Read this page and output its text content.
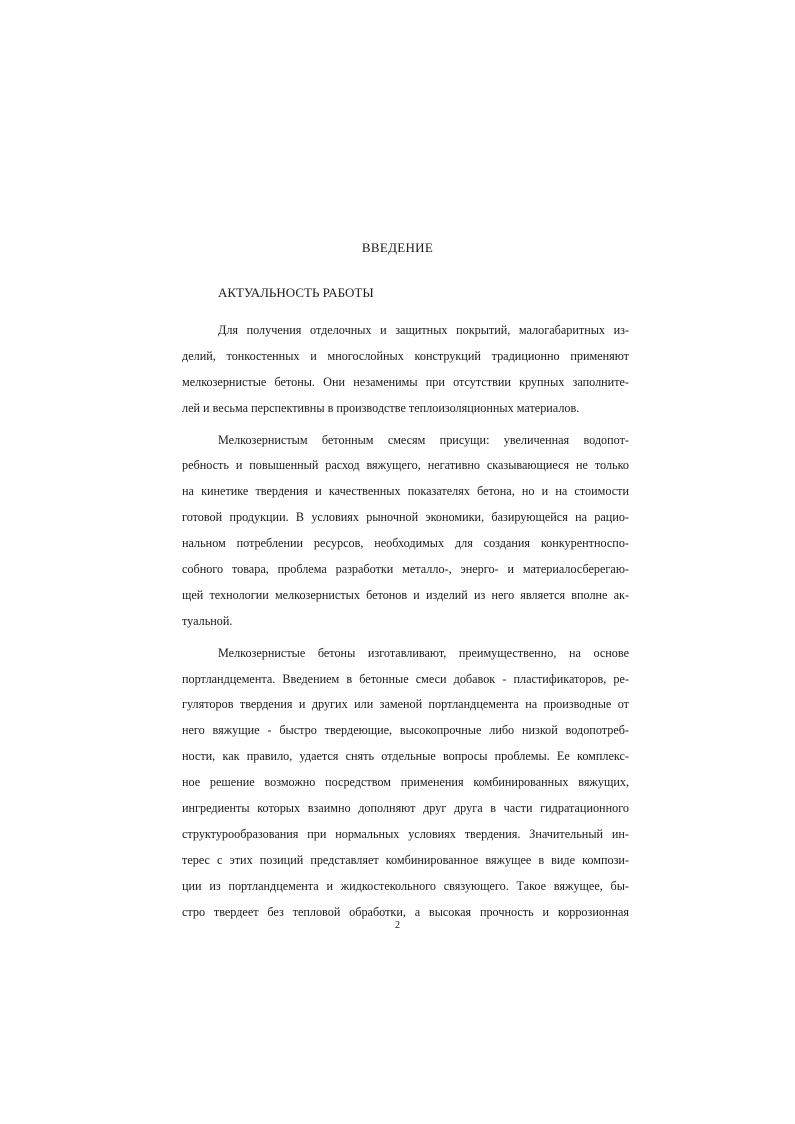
ВВЕДЕНИЕ
АКТУАЛЬНОСТЬ РАБОТЫ
Для получения отделочных и защитных покрытий, малогабаритных из-
делий, тонкостенных и многослойных конструкций традиционно применяют
мелкозернистые бетоны. Они незаменимы при отсутствии крупных заполните-
лей и весьма перспективны в производстве теплоизоляционных материалов.
Мелкозернистым бетонным смесям присущи: увеличенная водопот-
ребность и повышенный расход вяжущего, негативно сказывающиеся не только
на кинетике твердения и качественных показателях бетона, но и на стоимости
готовой продукции. В условиях рыночной экономики, базирующейся на рацио-
нальном потреблении ресурсов, необходимых для создания конкурентноспо-
собного товара, проблема разработки металло-, энерго- и материалосберегаю-
щей технологии мелкозернистых бетонов и изделий из него является вполне ак-
туальной.
Мелкозернистые бетоны изготавливают, преимущественно, на основе
портландцемента. Введением в бетонные смеси добавок - пластификаторов, ре-
гуляторов твердения и других или заменой портландцемента на производные от
него вяжущие - быстро твердеющие, высокопрочные либо низкой водопотреб-
ности, как правило, удается снять отдельные вопросы проблемы. Ее комплекс-
ное решение возможно посредством применения комбинированных вяжущих,
ингредиенты которых взаимно дополняют друг друга в части гидратационного
структурообразования при нормальных условиях твердения. Значительный ин-
терес с этих позиций представляет комбинированное вяжущее в виде компози-
ции из портландцемента и жидкостекольного связующего. Такое вяжущее, бы-
стро твердеет без тепловой обработки, а высокая прочность и коррозионная
2
